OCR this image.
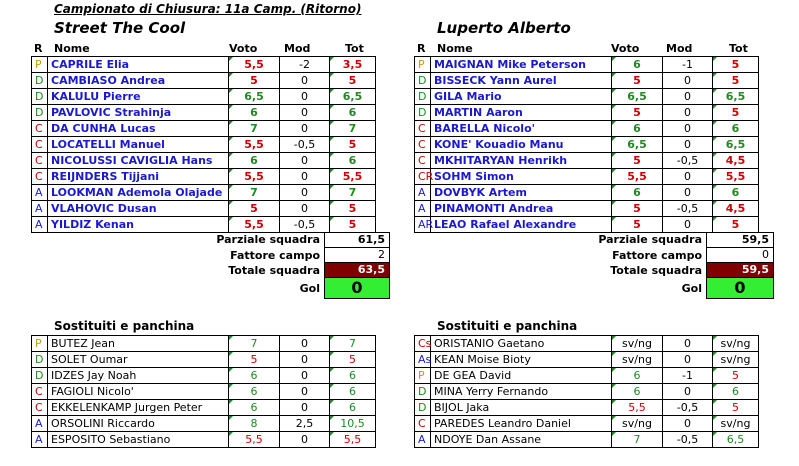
Campionato di Chiusura: 11a Camp. (Ritorno)
Street The Cool	Luperto Alberto
R Nome	Voto Mod	Tot	R Nome	Voto Mod	Tot
P CAPRILE Elia	5,5	-2	3,5
D CAMBIASO Andrea	5	0	5
D KALULU Pierre	6,5	0	6,5
D PAVLOVIC Strahinja	6	0	6
C DA CUNHA Lucas	7	0	7
C LOCATELLI Manuel	5,5	-0,5	5
C NICOLUSSI CAVIGLIA Hans	6	0	6
C REIJNDERS Tijjani	5,5	0	5,5
A LOOKMAN Ademola Olajade	7	0	7
A VLAHOVIC Dusan	5	0	5
A YILDIZ Kenan	5,5	-0,5	5
P MAIGNAN Mike Peterson	6	-1	5
D BISSECK Yann Aurel	5	0	5
D GILA Mario	6,5	0	6,5
D MARTIN Aaron	5	0	5
C BARELLA Nicolo'	6	0	6
C KONE' Kouadio Manu	6,5	0	6,5
C MKHITARYAN Henrikh	5	-0,5	4,5
CR SOHM Simon	5,5	0	5,5
A DOVBYK Artem	6	0	6
A PINAMONTI Andrea	5	-0,5	4,5
AR LEAO Rafael Alexandre	5	0	5
Parziale squadra	61,5
Fattore campo	2
Totale squadra	63,5
Gol	0
Parziale squadra	59,5
Fattore campo	0
Totale squadra	59,5
Gol	0
Sostituiti e panchina	Sostituiti e panchina
P BUTEZ Jean	7	0	7
D SOLET Oumar	5	0	5
D IDZES Jay Noah	6	0	6
C FAGIOLI Nicolo'	6	0	6
C EKKELENKAMP Jurgen Peter	6	0	6
A ORSOLINI Riccardo	8	2,5	10,5
A ESPOSITO Sebastiano	5,5	0	5,5
Cs ORISTANIO Gaetano	sv/ng	0	sv/ng
As KEAN Moise Bioty	sv/ng	0	sv/ng
P DE GEA David	6	-1	5
D MINA Yerry Fernando	6	0	6
D BIJOL Jaka	5,5	-0,5	5
C PAREDES Leandro Daniel	sv/ng	0	sv/ng
A NDOYE Dan Assane	7	-0,5	6,5
